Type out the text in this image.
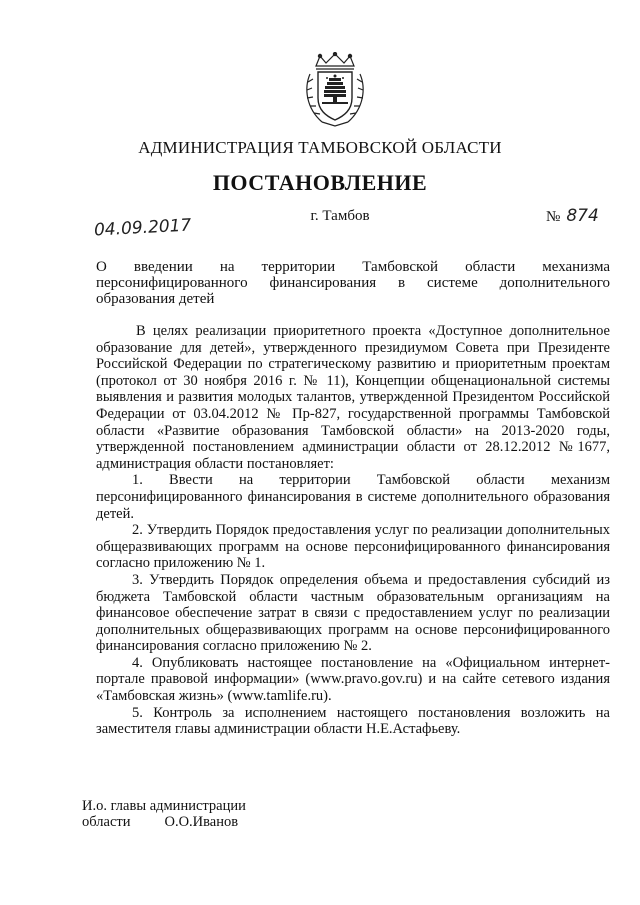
АДМИНИСТРАЦИЯ ТАМБОВСКОЙ ОБЛАСТИ
ПОСТАНОВЛЕНИЕ
04.09.2017	г. Тамбов	№ 874
О введении на территории Тамбовской области механизма персонифицированного финансирования в системе дополнительного образования детей

В целях реализации приоритетного проекта «Доступное дополнительное образование для детей», утвержденного президиумом Совета при Президенте Российской Федерации по стратегическому развитию и приоритетным проектам (протокол от 30 ноября 2016 г. № 11), Концепции общенациональной системы выявления и развития молодых талантов, утвержденной Президентом Российской Федерации от 03.04.2012 № Пр-827, государственной программы Тамбовской области «Развитие образования Тамбовской области» на 2013-2020 годы, утвержденной постановлением администрации области от 28.12.2012 №1677, администрация области постановляет:

1. Ввести на территории Тамбовской области механизм персонифицированного финансирования в системе дополнительного образования детей.

2. Утвердить Порядок предоставления услуг по реализации дополнительных общеразвивающих программ на основе персонифицированного финансирования согласно приложению № 1.

3. Утвердить Порядок определения объема и предоставления субсидий из бюджета Тамбовской области частным образовательным организациям на финансовое обеспечение затрат в связи с предоставлением услуг по реализации дополнительных общеразвивающих программ на основе персонифицированного финансирования согласно приложению № 2.

4. Опубликовать настоящее постановление на «Официальном интернет-портале правовой информации» (www.pravo.gov.ru) и на сайте сетевого издания «Тамбовская жизнь» (www.tamlife.ru).

5. Контроль за исполнением настоящего постановления возложить на заместителя главы администрации области Н.Е.Астафьеву.

И.о. главы администрации
области О.О.Иванов
